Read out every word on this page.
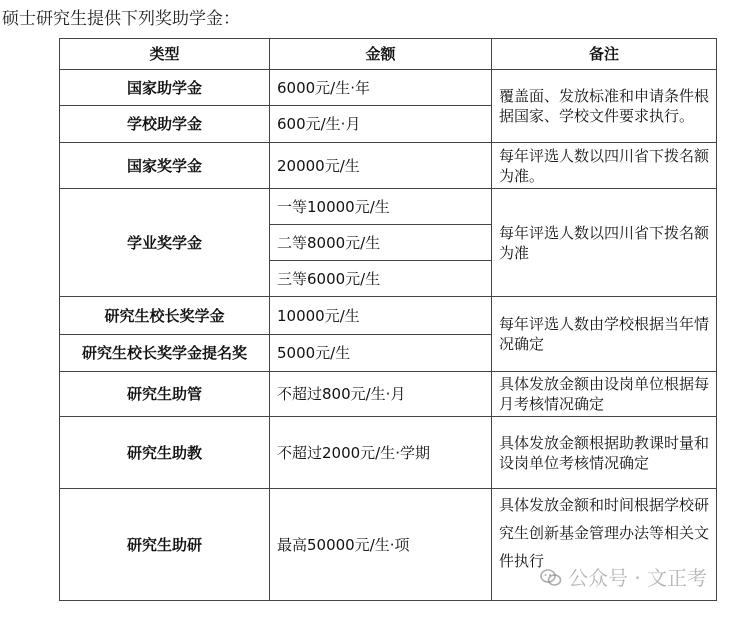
硕士研究生提供下列奖助学金：
类型	金额	备注
国家助学金	6000元/生·年	覆盖面、发放标准和申请条件根据国家、学校文件要求执行。
学校助学金	600元/生·月	
国家奖学金	20000元/生	每年评选人数以四川省下拨名额为准。
学业奖学金	一等10000元/生	每年评选人数以四川省下拨名额为准
	二等8000元/生	
	三等6000元/生	
研究生校长奖学金	10000元/生	每年评选人数由学校根据当年情况确定
研究生校长奖学金提名奖	5000元/生	
研究生助管	不超过800元/生·月	具体发放金额由设岗单位根据每月考核情况确定
研究生助教	不超过2000元/生·学期	具体发放金额根据助教课时量和设岗单位考核情况确定
研究生助研	最高50000元/生·项	具体发放金额和时间根据学校研究生创新基金管理办法等相关文件执行
公众号 · 文正考
